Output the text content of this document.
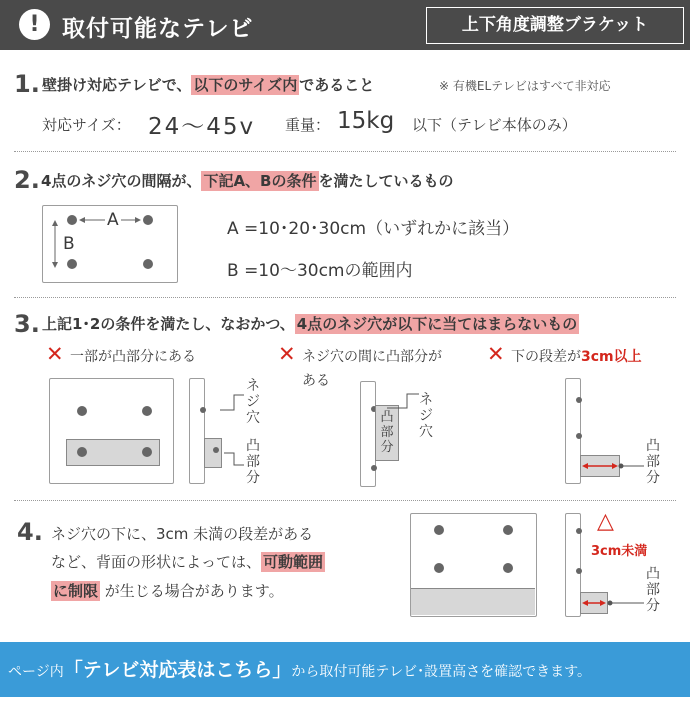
! 取付可能なテレビ	上下角度調整ブラケット
1. 壁掛け対応テレビで、 以下のサイズ内 であること	※ 有機ELテレビはすべて非対応
対応サイズ： 24〜45v 重量： 15kg 以下（テレビ本体のみ）
2. 4点のネジ穴の間隔が、 下記A、Bの条件 を満たしているもの
A
B
A =10･20･30cm（いずれかに該当）
B =10〜30cmの範囲内
3. 上記1･2の条件を満たし、なおかつ、 4点のネジ穴が以下に当てはまらないもの
✕ 一部が凸部分にある
ネ
ジ
穴
凸
部
分
✕ ネジ穴の間に凸部分が
ある
凸
部
分
ネ
ジ
穴
✕ 下の段差が3cm以上
凸
部
分
4. ネジ穴の下に、3cm 未満の段差がある
など、背面の形状によっては、 可動範囲
に制限 が生じる場合があります。
△
3cm未満
凸
部
分
ページ内「テレビ対応表はこちら」から取付可能テレビ･設置高さを確認できます。
